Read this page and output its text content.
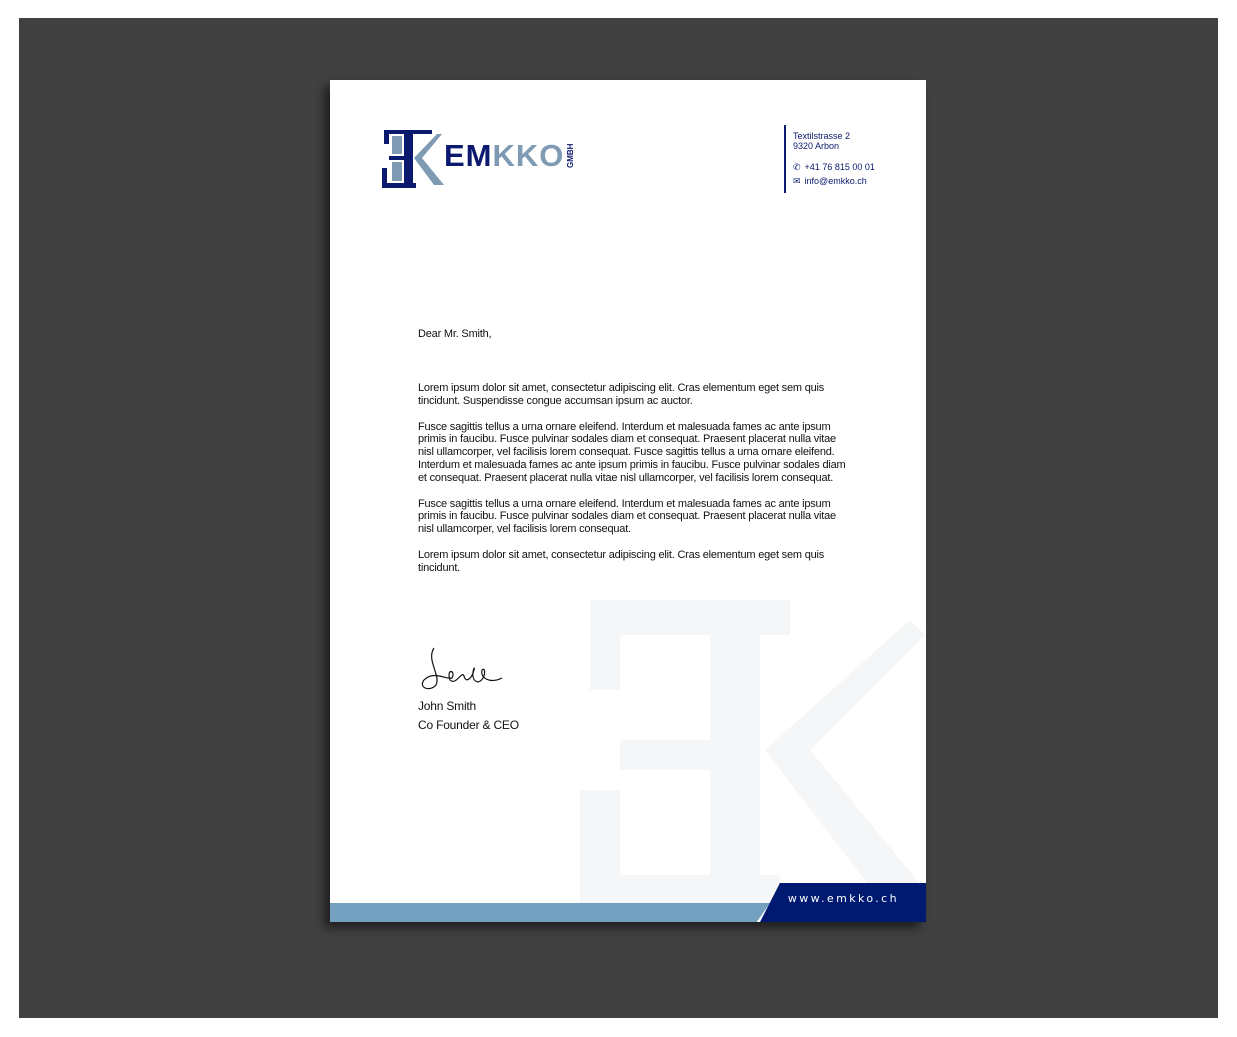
EMKKO GMBH
Textilstrasse 2
9320 Arbon
✆ +41 76 815 00 01
✉ info@emkko.ch
Dear Mr. Smith,

Lorem ipsum dolor sit amet, consectetur adipiscing elit. Cras elementum eget sem quis tincidunt. Suspendisse congue accumsan ipsum ac auctor.

Fusce sagittis tellus a urna ornare eleifend. Interdum et malesuada fames ac ante ipsum primis in faucibu. Fusce pulvinar sodales diam et consequat. Praesent placerat nulla vitae nisl ullamcorper, vel facilisis lorem consequat. Fusce sagittis tellus a urna ornare eleifend. Interdum et malesuada fames ac ante ipsum primis in faucibu. Fusce pulvinar sodales diam et consequat. Praesent placerat nulla vitae nisl ullamcorper, vel facilisis lorem consequat.

Fusce sagittis tellus a urna ornare eleifend. Interdum et malesuada fames ac ante ipsum primis in faucibu. Fusce pulvinar sodales diam et consequat. Praesent placerat nulla vitae nisl ullamcorper, vel facilisis lorem consequat.

Lorem ipsum dolor sit amet, consectetur adipiscing elit. Cras elementum eget sem quis tincidunt.

John Smith
Co Founder & CEO
www.emkko.ch
